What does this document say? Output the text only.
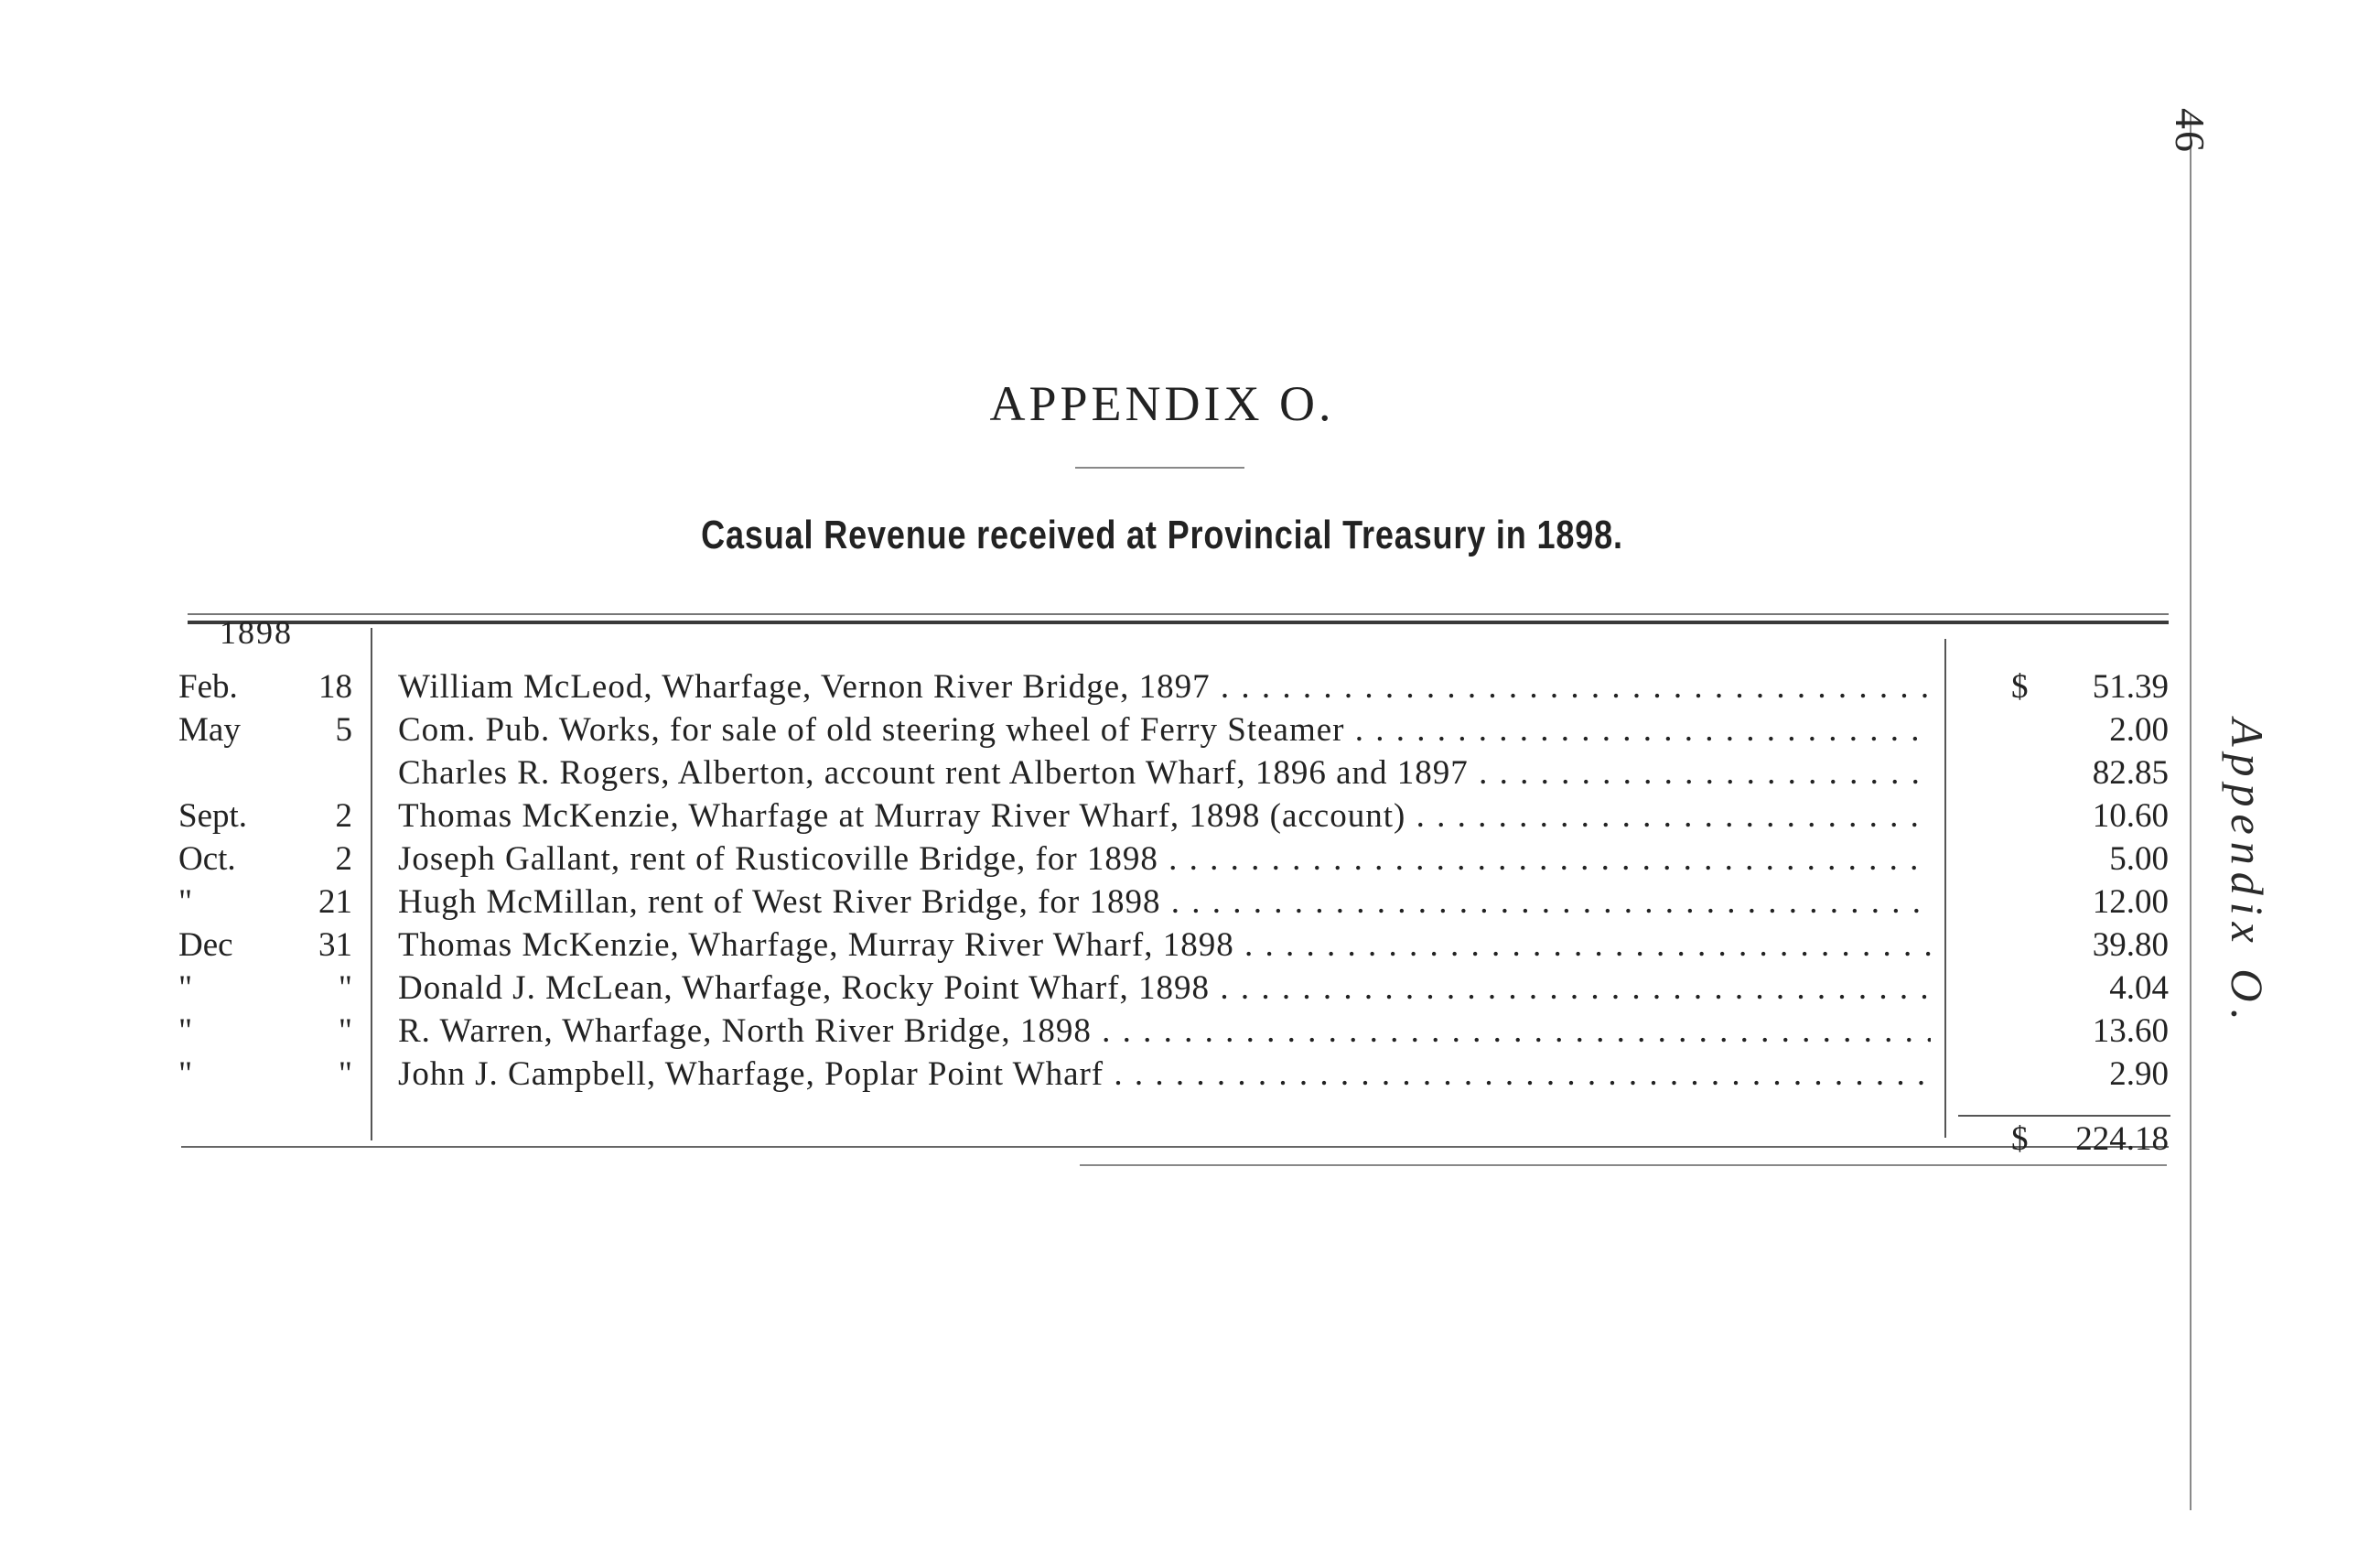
46
Appendix O.
APPENDIX O.
Casual Revenue received at Provincial Treasury in 1898.
1898
Feb.	18 William McLeod, Wharfage, Vernon River Bridge, 1897 . . .	$	51.39
May	5 Com. Pub. Works, for sale of old steering wheel of Ferry Steamer . . .	2.00
Charles R. Rogers, Alberton, account rent Alberton Wharf, 1896 and 1897 . . .	82.85
Sept.	2 Thomas McKenzie, Wharfage at Murray River Wharf, 1898 (account) . . .	10.60
Oct.	2 Joseph Gallant, rent of Rusticoville Bridge, for 1898 . . .	5.00
"	21 Hugh McMillan, rent of West River Bridge, for 1898 . . .	12.00
Dec	31 Thomas McKenzie, Wharfage, Murray River Wharf, 1898 . . .	39.80
"	" Donald J. McLean, Wharfage, Rocky Point Wharf, 1898 . . .	4.04
"	" R. Warren, Wharfage, North River Bridge, 1898 . . .	13.60
"	" John J. Campbell, Wharfage, Poplar Point Wharf . . .	2.90
$	224.18
